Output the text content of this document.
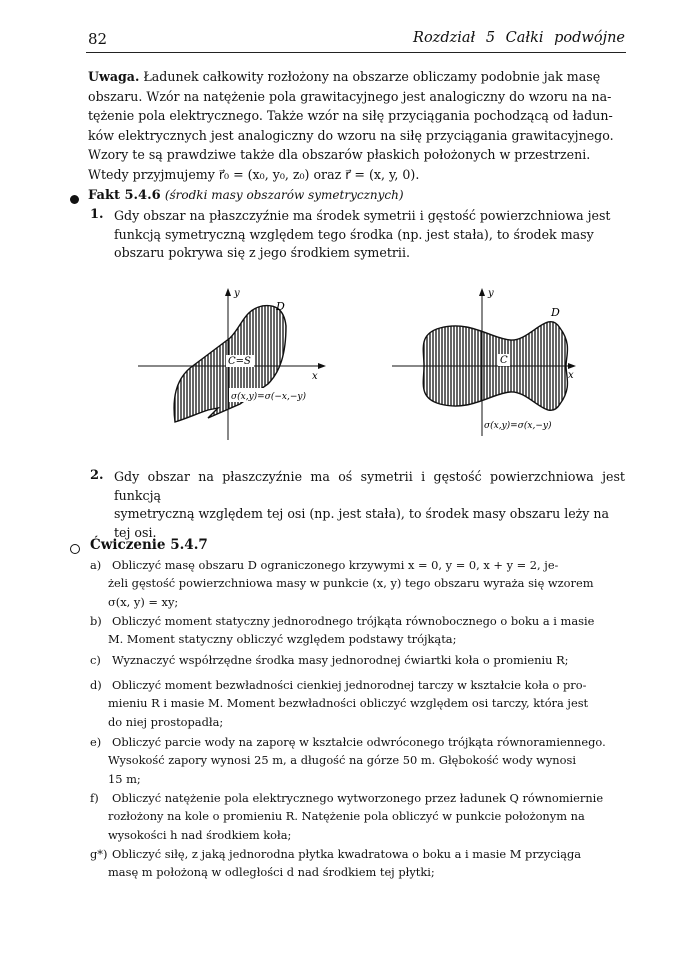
82	Rozdział 5 Całki podwójne
Uwaga. Ładunek całkowity rozłożony na obszarze obliczamy podobnie jak masę
obszaru. Wzór na natężenie pola grawitacyjnego jest analogiczny do wzoru na na-
tężenie pola elektrycznego. Także wzór na siłę przyciągania pochodzącą od ładun-
ków elektrycznych jest analogiczny do wzoru na siłę przyciągania grawitacyjnego.
Wzory te są prawdziwe także dla obszarów płaskich położonych w przestrzeni.
Wtedy przyjmujemy r⃗₀ = (x₀, y₀, z₀) oraz r⃗ = (x, y, 0).
Fakt 5.4.6 (środki masy obszarów symetrycznych)
1. Gdy obszar na płaszczyźnie ma środek symetrii i gęstość powierzchniowa jest
funkcją symetryczną względem tego środka (np. jest stała), to środek masy
obszaru pokrywa się z jego środkiem symetrii.
y
x
D
C=S
σ(x,y)=σ(−x,−y)
y
x
D
C
σ(x,y)=σ(x,−y)
2. Gdy obszar na płaszczyźnie ma oś symetrii i gęstość powierzchniowa jest funkcją
symetryczną względem tej osi (np. jest stała), to środek masy obszaru leży na
tej osi.
Ćwiczenie 5.4.7
a) Obliczyć masę obszaru D ograniczonego krzywymi x = 0, y = 0, x + y = 2, je-
żeli gęstość powierzchniowa masy w punkcie (x, y) tego obszaru wyraża się wzorem
σ(x, y) = xy;
b) Obliczyć moment statyczny jednorodnego trójkąta równobocznego o boku a i masie
M. Moment statyczny obliczyć względem podstawy trójkąta;
c) Wyznaczyć współrzędne środka masy jednorodnej ćwiartki koła o promieniu R;
d) Obliczyć moment bezwładności cienkiej jednorodnej tarczy w kształcie koła o pro-
mieniu R i masie M. Moment bezwładności obliczyć względem osi tarczy, która jest
do niej prostopadła;
e) Obliczyć parcie wody na zaporę w kształcie odwróconego trójkąta równoramiennego.
Wysokość zapory wynosi 25 m, a długość na górze 50 m. Głębokość wody wynosi
15 m;
f) Obliczyć natężenie pola elektrycznego wytworzonego przez ładunek Q równomiernie
rozłożony na kole o promieniu R. Natężenie pola obliczyć w punkcie położonym na
wysokości h nad środkiem koła;
g*) Obliczyć siłę, z jaką jednorodna płytka kwadratowa o boku a i masie M przyciąga
masę m położoną w odległości d nad środkiem tej płytki;
